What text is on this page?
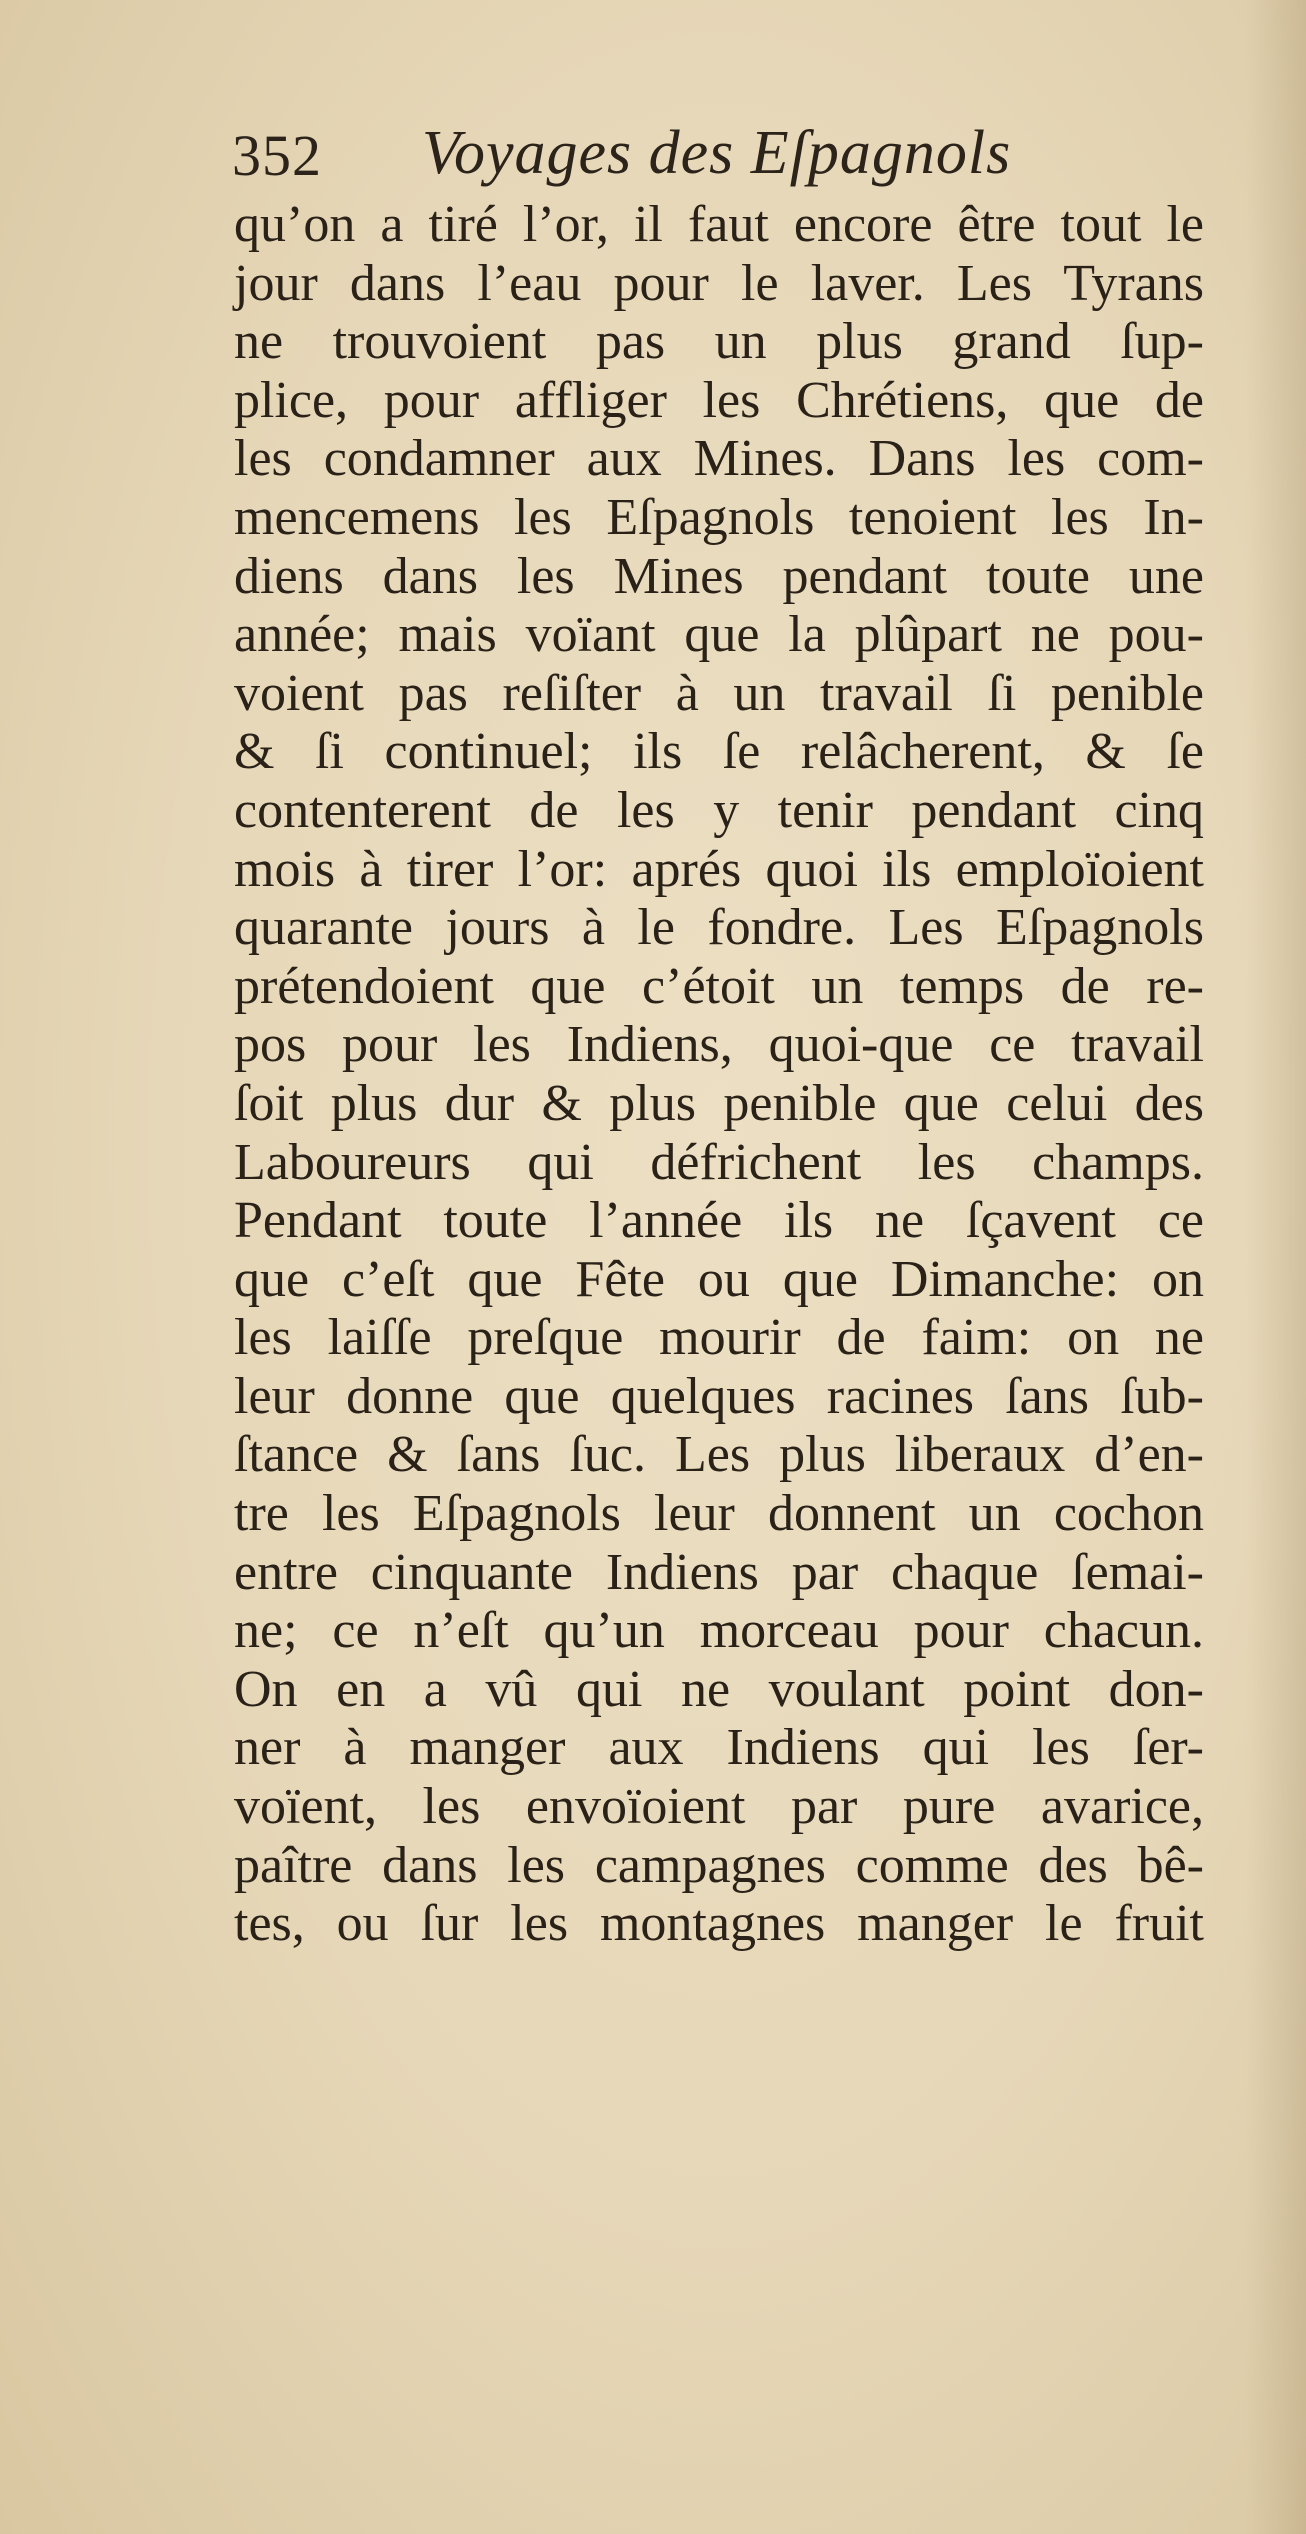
352 Voyages des Eſpagnols
qu’on a tiré l’or, il faut encore être tout le
jour dans l’eau pour le laver. Les Tyrans
ne trouvoient pas un plus grand ſup-
plice, pour affliger les Chrétiens, que de
les condamner aux Mines. Dans les com-
mencemens les Eſpagnols tenoient les In-
diens dans les Mines pendant toute une
année; mais voïant que la plûpart ne pou-
voient pas reſiſter à un travail ſi penible
& ſi continuel; ils ſe relâcherent, & ſe
contenterent de les y tenir pendant cinq
mois à tirer l’or: aprés quoi ils emploïoient
quarante jours à le fondre. Les Eſpagnols
prétendoient que c’étoit un temps de re-
pos pour les Indiens, quoi-que ce travail
ſoit plus dur & plus penible que celui des
Laboureurs qui défrichent les champs.
Pendant toute l’année ils ne ſçavent ce
que c’eſt que Fête ou que Dimanche: on
les laiſſe preſque mourir de faim: on ne
leur donne que quelques racines ſans ſub-
ſtance & ſans ſuc. Les plus liberaux d’en-
tre les Eſpagnols leur donnent un cochon
entre cinquante Indiens par chaque ſemai-
ne; ce n’eſt qu’un morceau pour chacun.
On en a vû qui ne voulant point don-
ner à manger aux Indiens qui les ſer-
voïent, les envoïoient par pure avarice,
paître dans les campagnes comme des bê-
tes, ou ſur les montagnes manger le fruit
